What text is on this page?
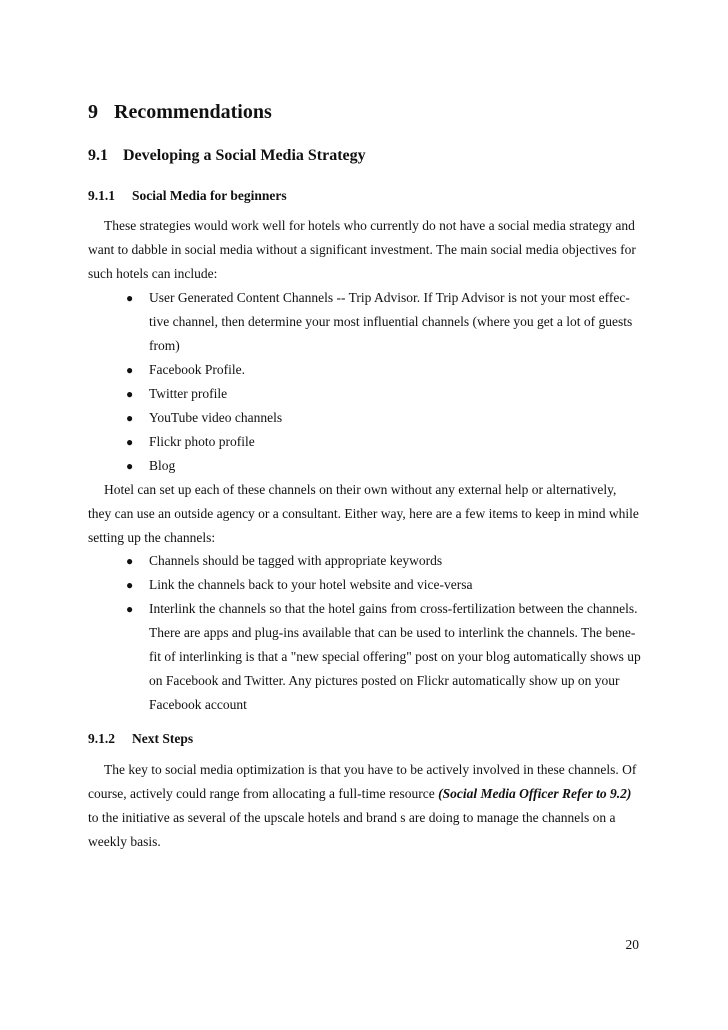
9 Recommendations
9.1 Developing a Social Media Strategy
9.1.1 Social Media for beginners
These strategies would work well for hotels who currently do not have a social media strategy and
want to dabble in social media without a significant investment. The main social media objectives for
such hotels can include:
● User Generated Content Channels -- Trip Advisor. If Trip Advisor is not your most effec-
tive channel, then determine your most influential channels (where you get a lot of guests
from)
● Facebook Profile.
● Twitter profile
● YouTube video channels
● Flickr photo profile
● Blog
Hotel can set up each of these channels on their own without any external help or alternatively,
they can use an outside agency or a consultant. Either way, here are a few items to keep in mind while
setting up the channels:
● Channels should be tagged with appropriate keywords
● Link the channels back to your hotel website and vice-versa
● Interlink the channels so that the hotel gains from cross-fertilization between the channels.
There are apps and plug-ins available that can be used to interlink the channels. The bene-
fit of interlinking is that a "new special offering" post on your blog automatically shows up
on Facebook and Twitter. Any pictures posted on Flickr automatically show up on your
Facebook account
9.1.2 Next Steps
The key to social media optimization is that you have to be actively involved in these channels. Of
course, actively could range from allocating a full-time resource (Social Media Officer Refer to 9.2)
to the initiative as several of the upscale hotels and brand s are doing to manage the channels on a
weekly basis.
20
